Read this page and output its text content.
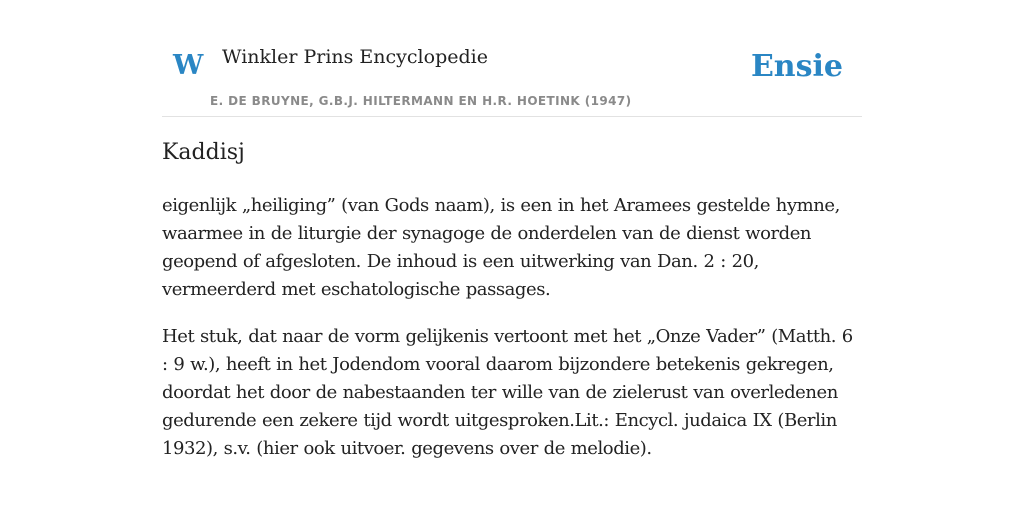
W Winkler Prins Encyclopedie
E. DE BRUYNE, G.B.J. HILTERMANN EN H.R. HOETINK (1947)
Ensie
Kaddisj

eigenlijk „heiliging” (van Gods naam), is een in het Aramees gestelde hymne, waarmee in de liturgie der synagoge de onderdelen van de dienst worden geopend of afgesloten. De inhoud is een uitwerking van Dan. 2 : 20, vermeerderd met eschatologische passages.

Het stuk, dat naar de vorm gelijkenis vertoont met het „Onze Vader” (Matth. 6 : 9 w.), heeft in het Jodendom vooral daarom bijzondere betekenis gekregen, doordat het door de nabestaanden ter wille van de zielerust van overledenen gedurende een zekere tijd wordt uitgesproken.Lit.: Encycl. judaica IX (Berlin 1932), s.v. (hier ook uitvoer. gegevens over de melodie).
